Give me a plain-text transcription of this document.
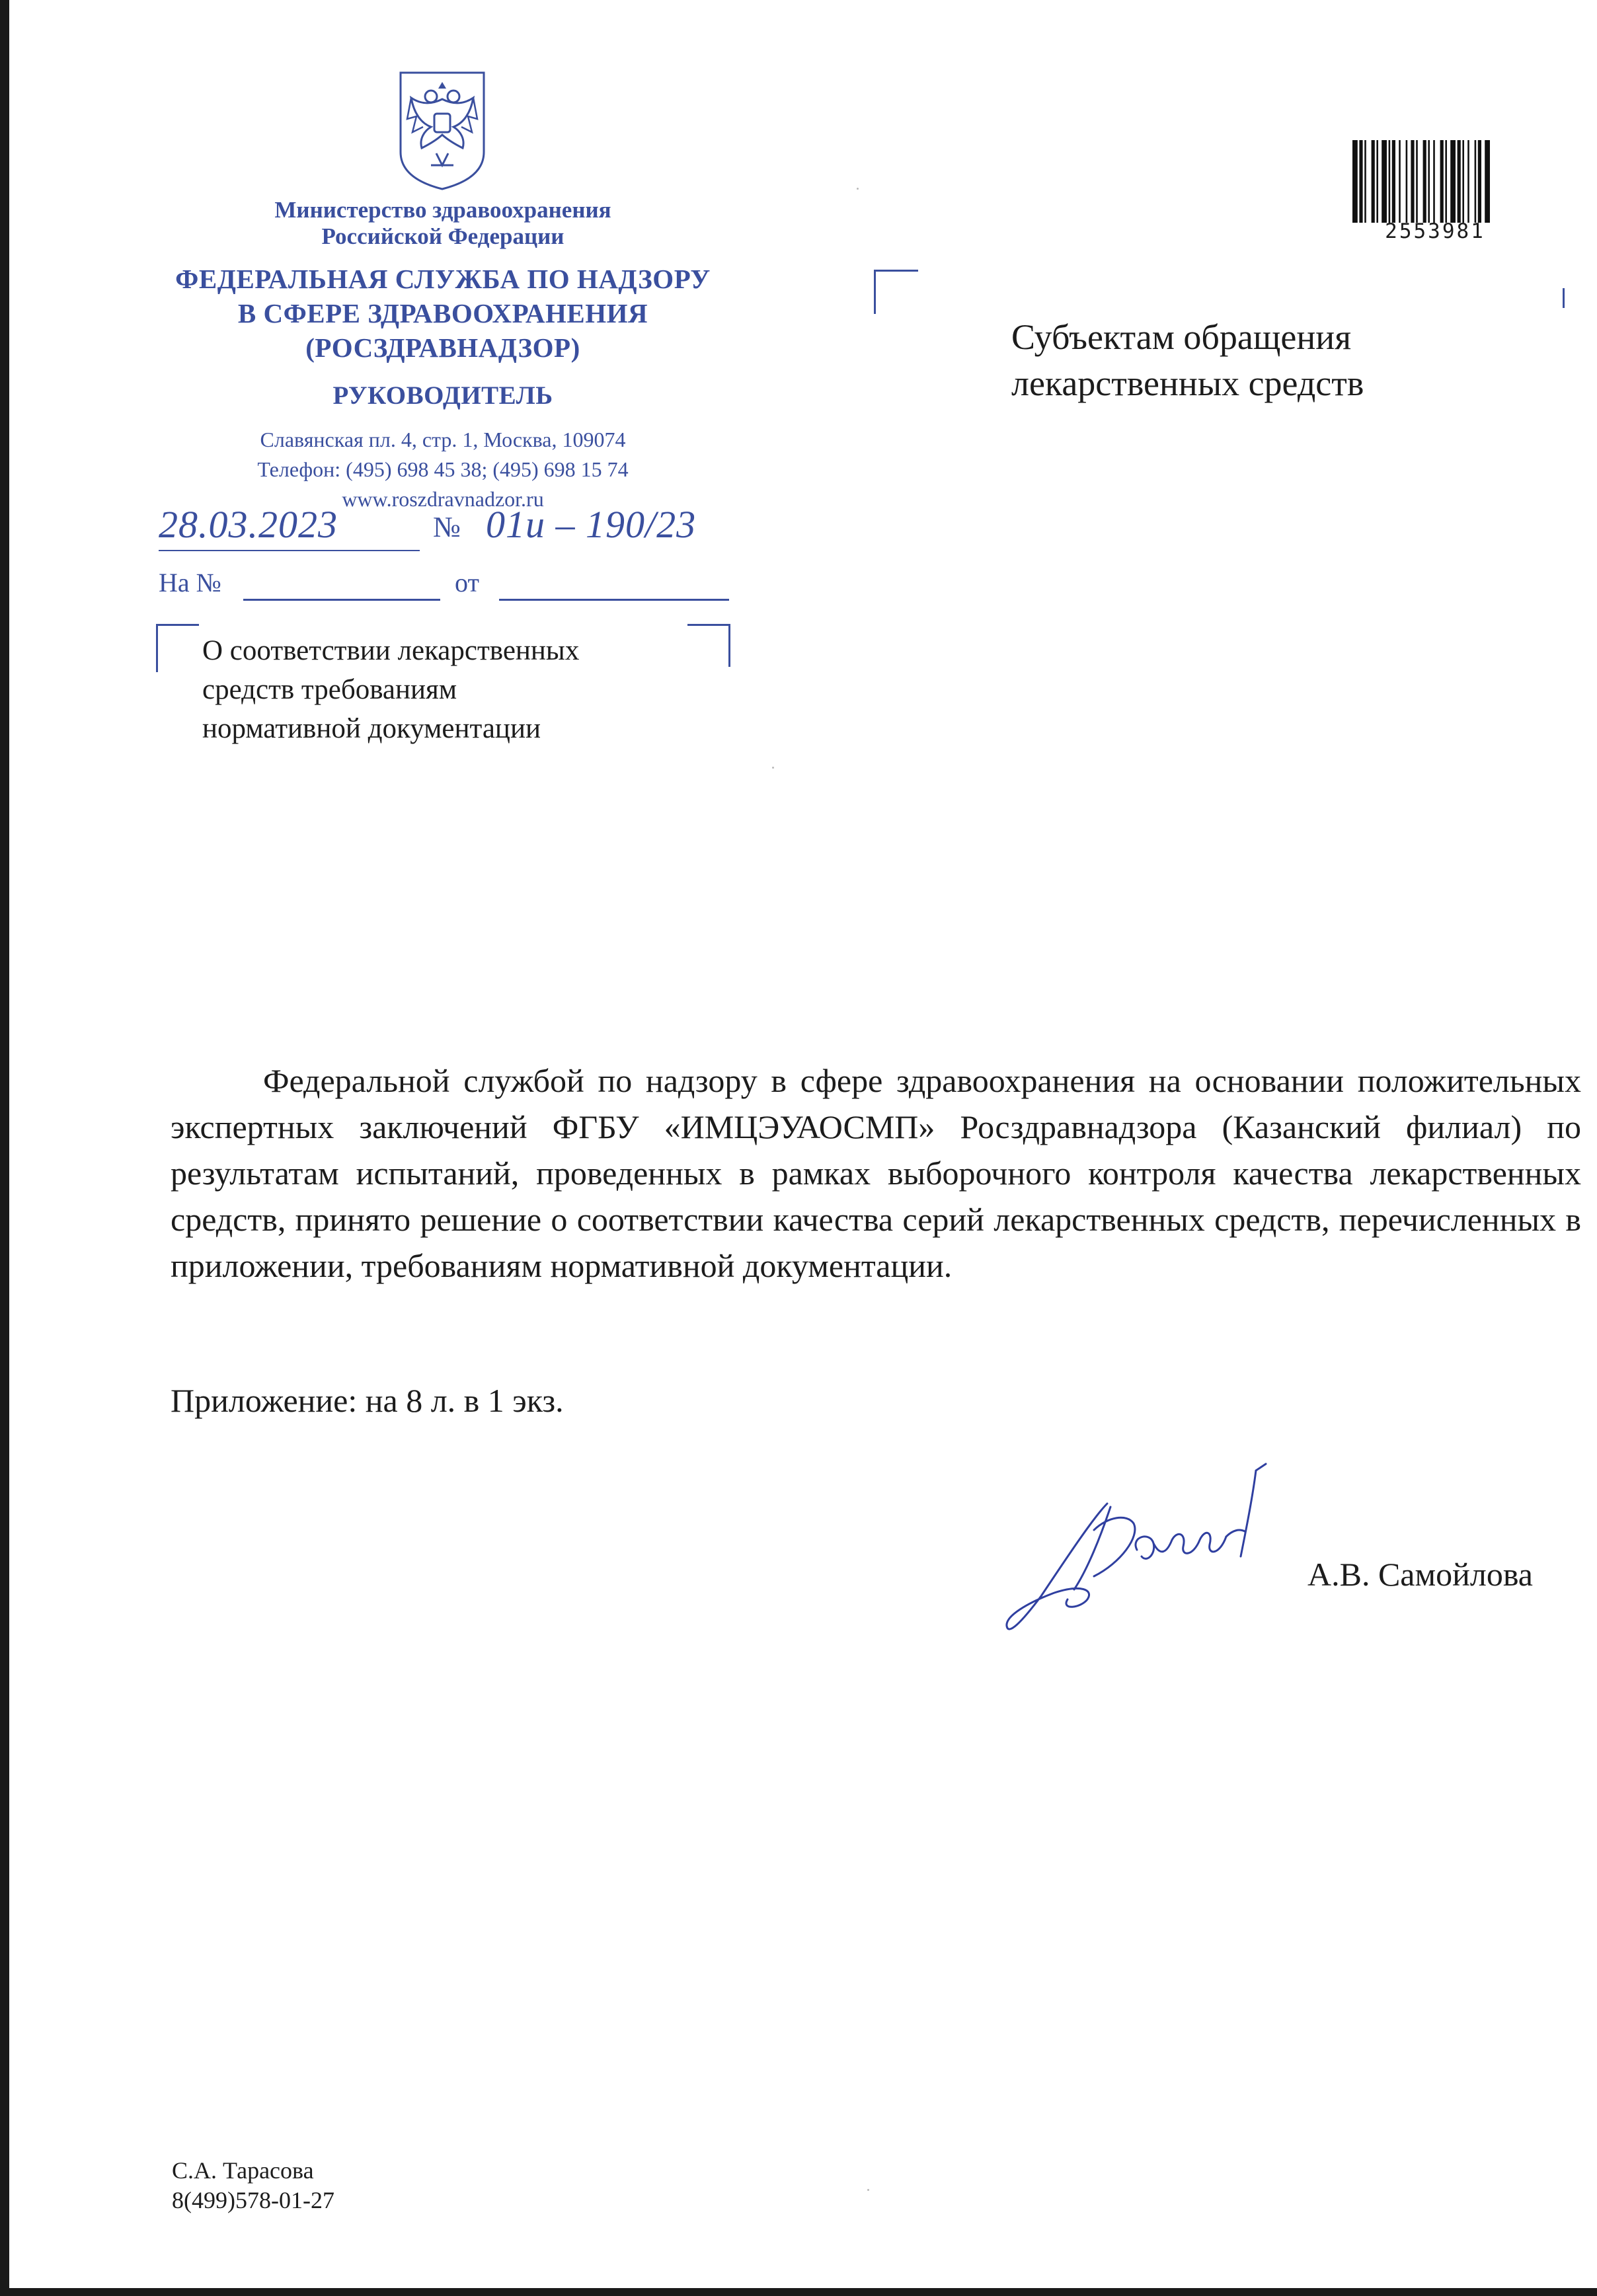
Министерство здравоохранения
Российской Федерации
ФЕДЕРАЛЬНАЯ СЛУЖБА ПО НАДЗОРУ
В СФЕРЕ ЗДРАВООХРАНЕНИЯ
(РОСЗДРАВНАДЗОР)
РУКОВОДИТЕЛЬ
Славянская пл. 4, стр. 1, Москва, 109074
Телефон: (495) 698 45 38; (495) 698 15 74
www.roszdravnadzor.ru
28.03.2023	№ 01и – 190/23
На №	от
О соответствии лекарственных
средств требованиям
нормативной документации
2553981
Субъектам обращения
лекарственных средств
Федеральной службой по надзору в сфере здравоохранения на основании положительных экспертных заключений ФГБУ «ИМЦЭУАОСМП» Росздравнадзора (Казанский филиал) по результатам испытаний, проведенных в рамках выборочного контроля качества лекарственных средств, принято решение о соответствии качества серий лекарственных средств, перечисленных в приложении, требованиям нормативной документации.
Приложение: на 8 л. в 1 экз.
А.В. Самойлова
С.А. Тарасова
8(499)578-01-27
